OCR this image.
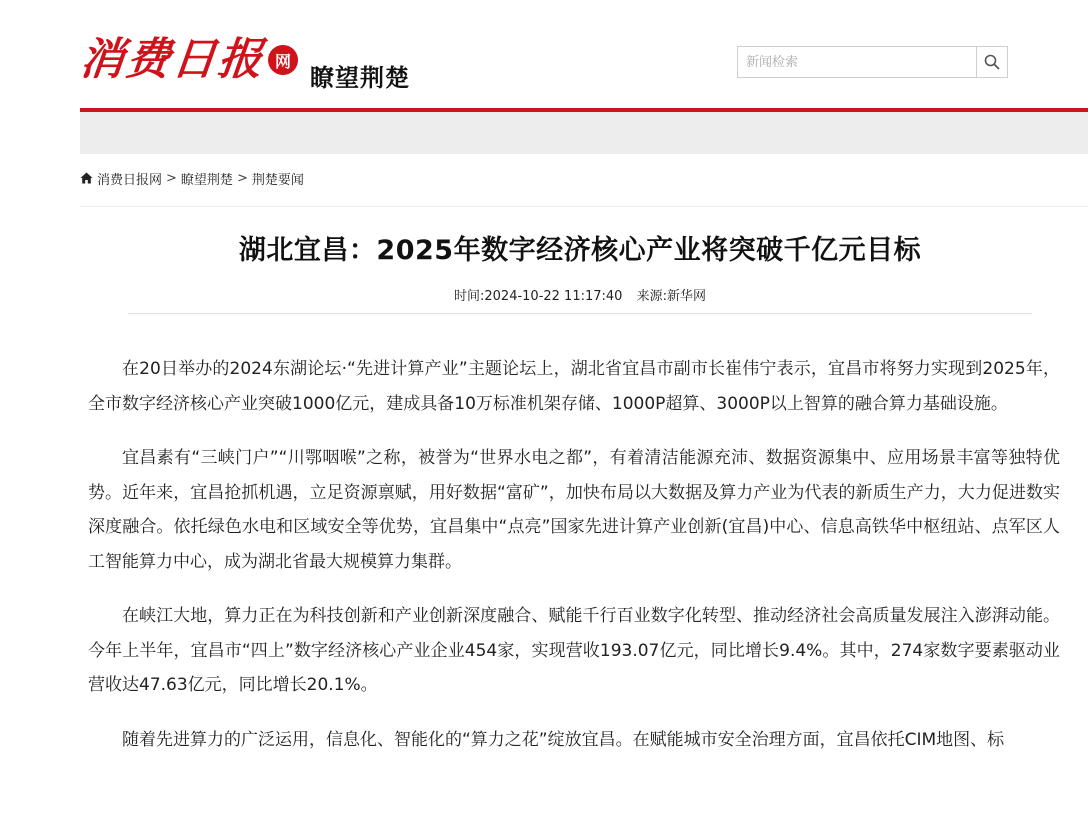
消费日报 网
瞭望荆楚
新闻检索
消费日报网 > 瞭望荆楚 > 荆楚要闻
湖北宜昌：2025年数字经济核心产业将突破千亿元目标
时间:2024-10-22 11:17:40 来源:新华网

在20日举办的2024东湖论坛·“先进计算产业”主题论坛上，湖北省宜昌市副市长崔伟宁表示，宜昌市将努力实现到2025年，全市数字经济核心产业突破1000亿元，建成具备10万标准机架存储、1000P超算、3000P以上智算的融合算力基础设施。

宜昌素有“三峡门户”“川鄂咽喉”之称，被誉为“世界水电之都”，有着清洁能源充沛、数据资源集中、应用场景丰富等独特优势。近年来，宜昌抢抓机遇，立足资源禀赋，用好数据“富矿”，加快布局以大数据及算力产业为代表的新质生产力，大力促进数实深度融合。依托绿色水电和区域安全等优势，宜昌集中“点亮”国家先进计算产业创新(宜昌)中心、信息高铁华中枢纽站、点军区人工智能算力中心，成为湖北省最大规模算力集群。

在峡江大地，算力正在为科技创新和产业创新深度融合、赋能千行百业数字化转型、推动经济社会高质量发展注入澎湃动能。今年上半年，宜昌市“四上”数字经济核心产业企业454家，实现营收193.07亿元，同比增长9.4%。其中，274家数字要素驱动业营收达47.63亿元，同比增长20.1%。

随着先进算力的广泛运用，信息化、智能化的“算力之花”绽放宜昌。在赋能城市安全治理方面，宜昌依托CIM地图、标
